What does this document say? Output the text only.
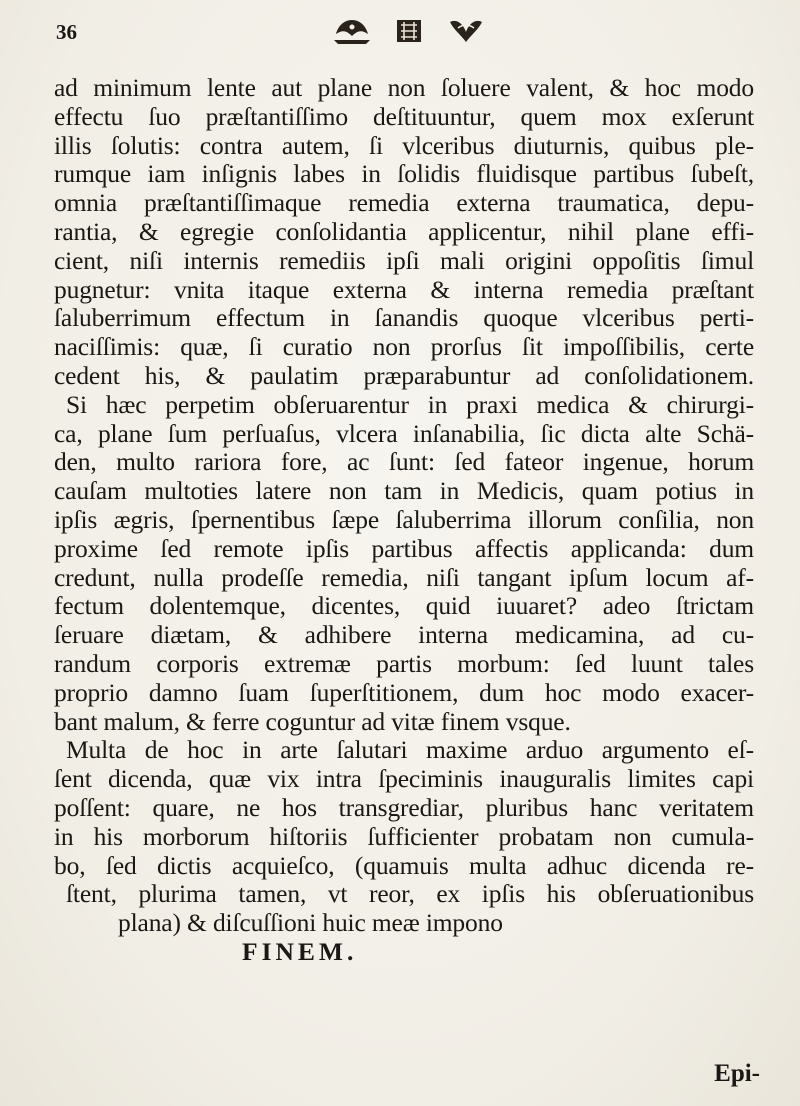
36
ad minimum lente aut plane non ſoluere valent, & hoc modo
effectu ſuo præſtantiſſimo deſtituuntur, quem mox exſerunt
illis ſolutis: contra autem, ſi vlceribus diuturnis, quibus ple-
rumque iam inſignis labes in ſolidis fluidisque partibus ſubeſt,
omnia præſtantiſſimaque remedia externa traumatica, depu-
rantia, & egregie conſolidantia applicentur, nihil plane effi-
cient, niſi internis remediis ipſi mali origini oppoſitis ſimul
pugnetur: vnita itaque externa & interna remedia præſtant
ſaluberrimum effectum in ſanandis quoque vlceribus perti-
naciſſimis: quæ, ſi curatio non prorſus ſit impoſſibilis, certe
cedent his, & paulatim præparabuntur ad conſolidationem.
Si hæc perpetim obſeruarentur in praxi medica & chirurgi-
ca, plane ſum perſuaſus, vlcera inſanabilia, ſic dicta alte Schä-
den, multo rariora fore, ac ſunt: ſed fateor ingenue, horum
cauſam multoties latere non tam in Medicis, quam potius in
ipſis ægris, ſpernentibus ſæpe ſaluberrima illorum conſilia, non
proxime ſed remote ipſis partibus affectis applicanda: dum
credunt, nulla prodeſſe remedia, niſi tangant ipſum locum af-
fectum dolentemque, dicentes, quid iuuaret? adeo ſtrictam
ſeruare diætam, & adhibere interna medicamina, ad cu-
randum corporis extremæ partis morbum: ſed luunt tales
proprio damno ſuam ſuperſtitionem, dum hoc modo exacer-
bant malum, & ferre coguntur ad vitæ finem vsque.
Multa de hoc in arte ſalutari maxime arduo argumento eſ-
ſent dicenda, quæ vix intra ſpeciminis inauguralis limites capi
poſſent: quare, ne hos transgrediar, pluribus hanc veritatem
in his morborum hiſtoriis ſufficienter probatam non cumula-
bo, ſed dictis acquieſco, (quamuis multa adhuc dicenda re-
ſtent, plurima tamen, vt reor, ex ipſis his obſeruationibus
plana) & diſcuſſioni huic meæ impono
FINEM.
Epi-
